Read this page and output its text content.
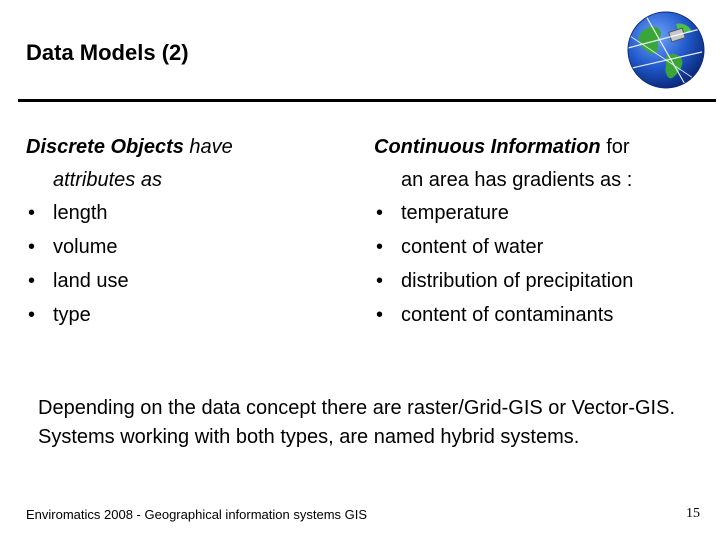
Data Models (2)

Discrete Objects have
attributes as

• length
• volume
• land use
• type

Continuous Information for
an area has gradients as :

• temperature
• content of water
• distribution of precipitation
• content of contaminants

Depending on the data concept there are raster/Grid-GIS or Vector-GIS. Systems working with both types, are named hybrid systems.

Enviromatics 2008 - Geographical information systems GIS	15
